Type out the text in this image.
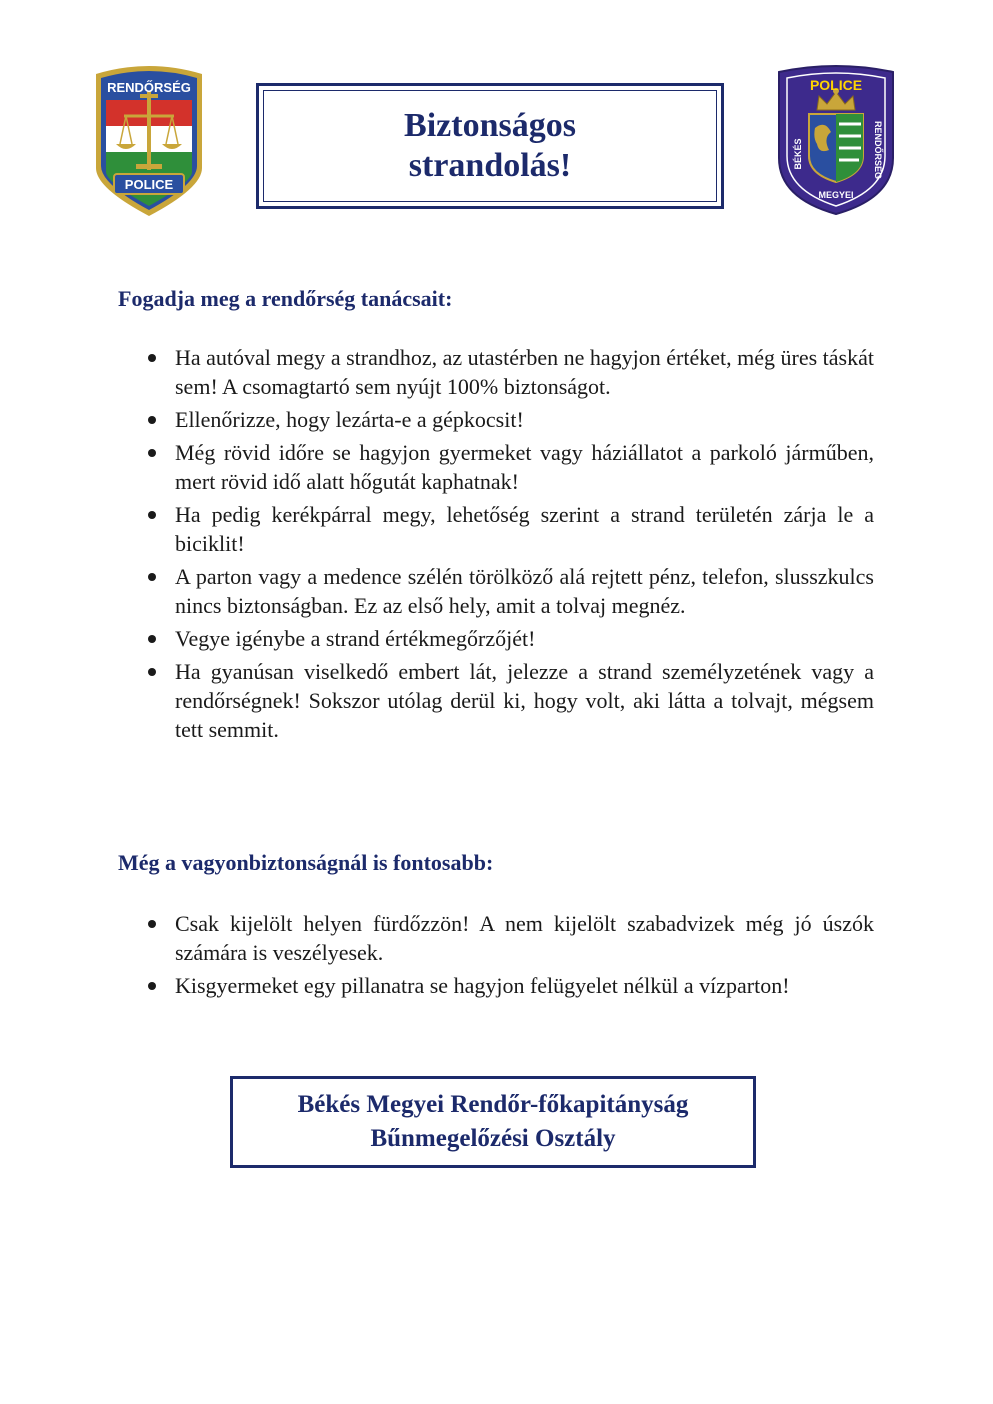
RENDŐRSÉG
POLICE
Biztonságos
strandolás!
POLICE
BÉKÉS	RENDŐRSÉG
MEGYEI
Fogadja meg a rendőrség tanácsait:
Ha autóval megy a strandhoz, az utastérben ne hagyjon értéket, még üres táskát sem! A csomagtartó sem nyújt 100% biztonságot.
Ellenőrizze, hogy lezárta-e a gépkocsit!
Még rövid időre se hagyjon gyermeket vagy háziállatot a parkoló járműben, mert rövid idő alatt hőgutát kaphatnak!
Ha pedig kerékpárral megy, lehetőség szerint a strand területén zárja le a biciklit!
A parton vagy a medence szélén törölköző alá rejtett pénz, telefon, slusszkulcs nincs biztonságban. Ez az első hely, amit a tolvaj megnéz.
Vegye igénybe a strand értékmegőrzőjét!
Ha gyanúsan viselkedő embert lát, jelezze a strand személyzetének vagy a rendőrségnek! Sokszor utólag derül ki, hogy volt, aki látta a tolvajt, mégsem tett semmit.
Még a vagyonbiztonságnál is fontosabb:
Csak kijelölt helyen fürdőzzön! A nem kijelölt szabadvizek még jó úszók számára is veszélyesek.
Kisgyermeket egy pillanatra se hagyjon felügyelet nélkül a vízparton!
Békés Megyei Rendőr-főkapitányság
Bűnmegelőzési Osztály
